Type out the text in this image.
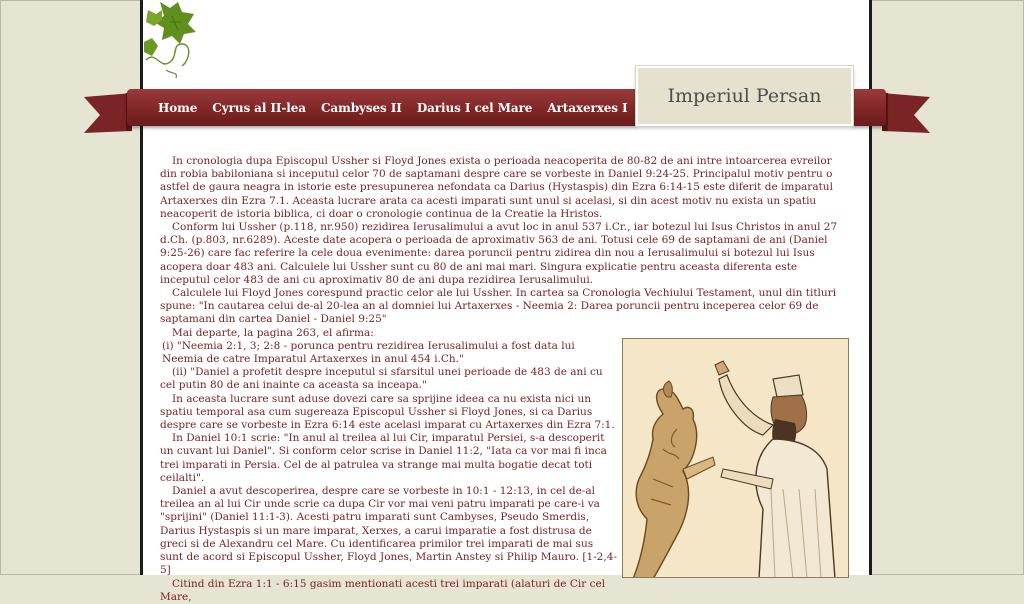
Home Cyrus al II-lea Cambyses II Darius I cel Mare Artaxerxes I
Imperiul Persan

In cronologia dupa Episcopul Ussher si Floyd Jones exista o perioada neacoperita de 80-82 de ani intre intoarcerea evreilor din robia babiloniana si inceputul celor 70 de saptamani despre care se vorbeste in Daniel 9:24-25. Principalul motiv pentru o astfel de gaura neagra in istorie este presupunerea nefondata ca Darius (Hystaspis) din Ezra 6:14-15 este diferit de imparatul Artaxerxes din Ezra 7.1. Aceasta lucrare arata ca acesti imparati sunt unul si acelasi, si din acest motiv nu exista un spatiu neacoperit de istoria biblica, ci doar o cronologie continua de la Creatie la Hristos.

Conform lui Ussher (p.118, nr.950) rezidirea Ierusalimului a avut loc in anul 537 i.Cr., iar botezul lui Isus Christos in anul 27 d.Ch. (p.803, nr.6289). Aceste date acopera o perioada de aproximativ 563 de ani. Totusi cele 69 de saptamani de ani (Daniel 9:25-26) care fac referire la cele doua evenimente: darea poruncii pentru zidirea din nou a Ierusalimului si botezul lui Isus acopera doar 483 ani. Calculele lui Ussher sunt cu 80 de ani mai mari. Singura explicatie pentru aceasta diferenta este inceputul celor 483 de ani cu aproximativ 80 de ani dupa rezidirea Ierusalimului.

Calculele lui Floyd Jones corespund practic celor ale lui Ussher. In cartea sa Cronologia Vechiului Testament, unul din titluri spune: "In cautarea celui de-al 20-lea an al domniei lui Artaxerxes - Neemia 2: Darea poruncii pentru inceperea celor 69 de saptamani din cartea Daniel - Daniel 9:25"

Mai departe, la pagina 263, el afirma:

(i) "Neemia 2:1, 3; 2:8 - porunca pentru rezidirea Ierusalimului a fost data lui Neemia de catre Imparatul Artaxerxes in anul 454 i.Ch."

(ii) "Daniel a profetit despre inceputul si sfarsitul unei perioade de 483 de ani cu cel putin 80 de ani inainte ca aceasta sa inceapa."

In aceasta lucrare sunt aduse dovezi care sa sprijine ideea ca nu exista nici un spatiu temporal asa cum sugereaza Episcopul Ussher si Floyd Jones, si ca Darius despre care se vorbeste in Ezra 6:14 este acelasi imparat cu Artaxerxes din Ezra 7:1.

In Daniel 10:1 scrie: "In anul al treilea al lui Cir, imparatul Persiei, s-a descoperit un cuvant lui Daniel". Si conform celor scrise in Daniel 11:2, "Iata ca vor mai fi inca trei imparati in Persia. Cel de al patrulea va strange mai multa bogatie decat toti ceilalti".

Daniel a avut descoperirea, despre care se vorbeste in 10:1 - 12:13, in cel de-al treilea an al lui Cir unde scrie ca dupa Cir vor mai veni patru imparati pe care-i va "sprijini" (Daniel 11:1-3). Acesti patru imparati sunt Cambyses, Pseudo Smerdis, Darius Hystaspis si un mare imparat, Xerxes, a carui imparatie a fost distrusa de greci si de Alexandru cel Mare. Cu identificarea primilor trei imparati de mai sus sunt de acord si Episcopul Ussher, Floyd Jones, Martin Anstey si Philip Mauro. [1-2,4-5]

Citind din Ezra 1:1 - 6:15 gasim mentionati acesti trei imparati (alaturi de Cir cel Mare,
